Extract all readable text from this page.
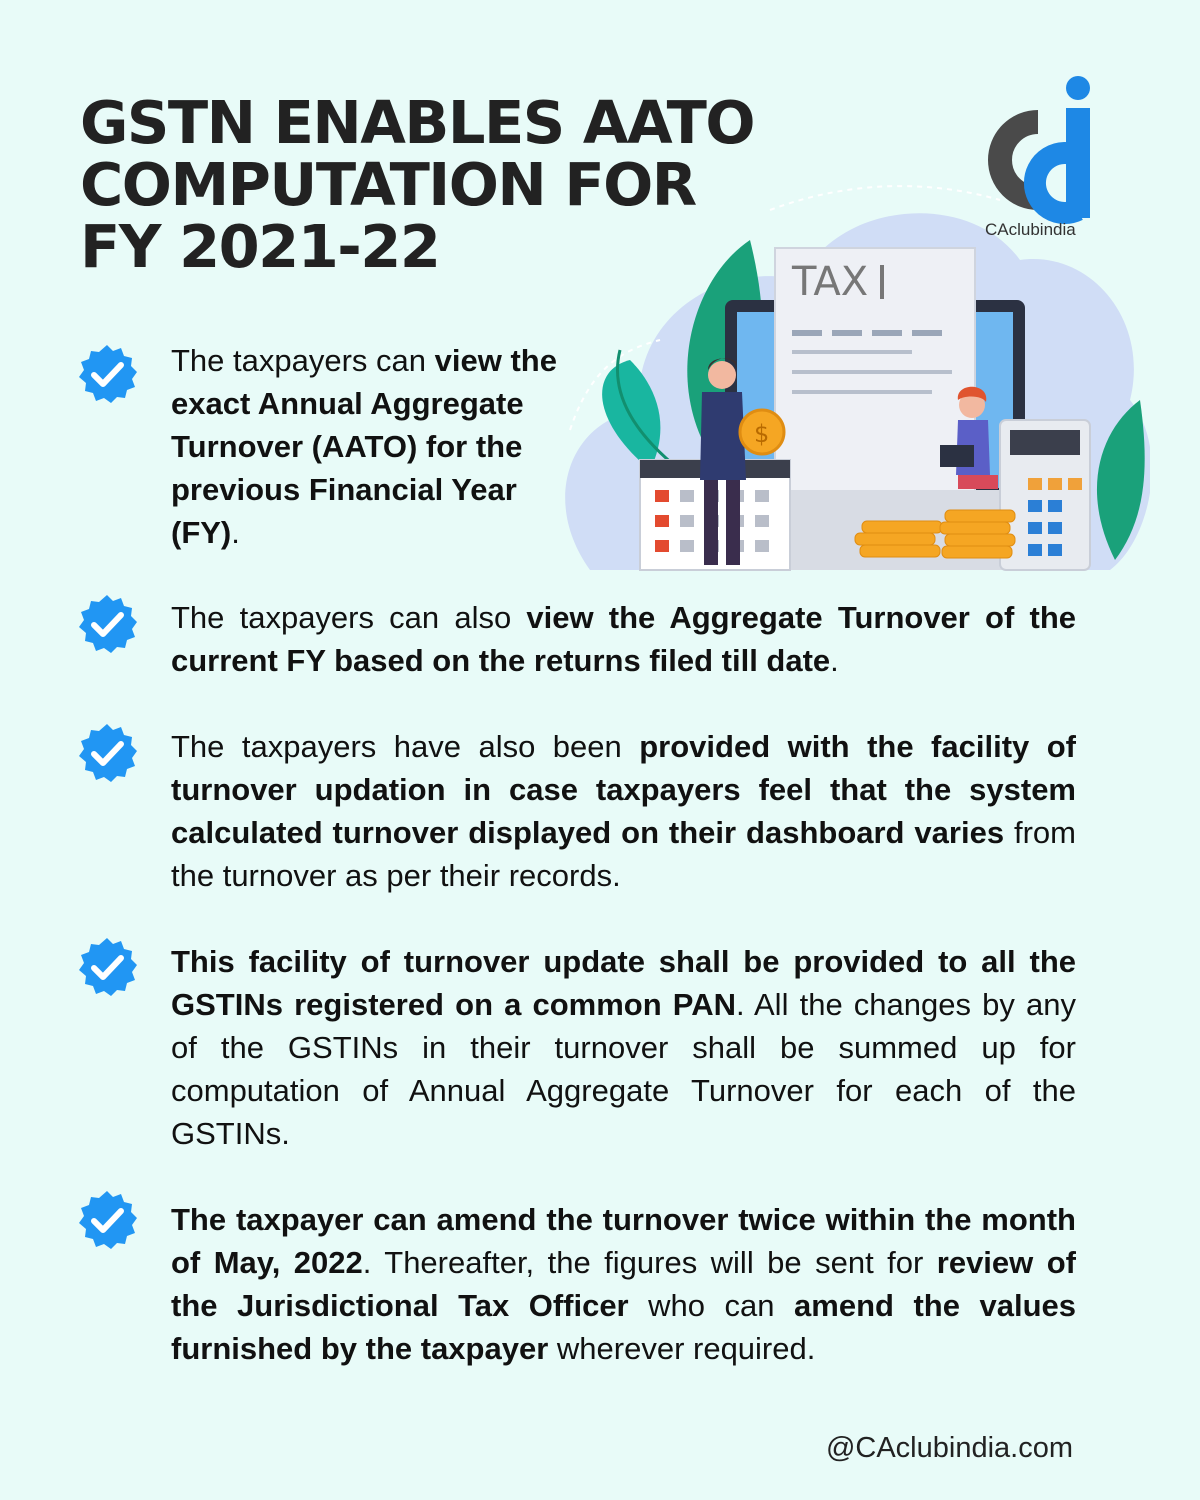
GSTN ENABLES AATO
COMPUTATION FOR
FY 2021-22
TAX
$
CAclubindia
The taxpayers can view the exact Annual Aggregate Turnover (AATO) for the previous Financial Year (FY).
The taxpayers can also view the Aggregate Turnover of the current FY based on the returns filed till date.
The taxpayers have also been provided with the facility of turnover updation in case taxpayers feel that the system calculated turnover displayed on their dashboard varies from the turnover as per their records.
This facility of turnover update shall be provided to all the GSTINs registered on a common PAN. All the changes by any of the GSTINs in their turnover shall be summed up for computation of Annual Aggregate Turnover for each of the GSTINs.
The taxpayer can amend the turnover twice within the month of May, 2022. Thereafter, the figures will be sent for review of the Jurisdictional Tax Officer who can amend the values furnished by the taxpayer wherever required.
@CAclubindia.com
